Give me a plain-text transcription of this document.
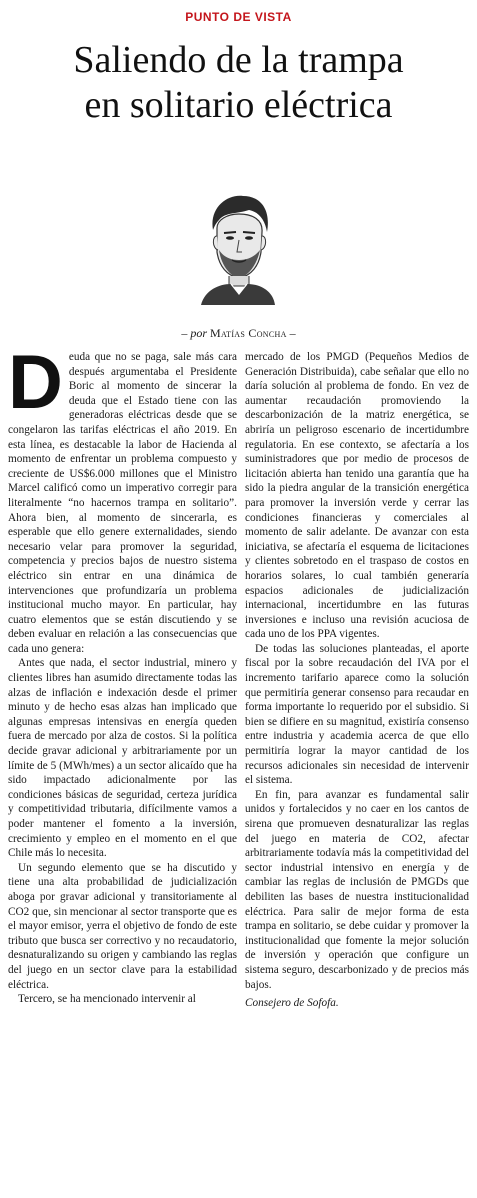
PUNTO DE VISTA
Saliendo de la trampa
en solitario eléctrica
– por Matías Concha –

Deuda que no se paga, sale más cara después argumentaba el Presidente Boric al momento de sincerar la deuda que el Estado tiene con las generadoras eléctricas desde que se congelaron las tarifas eléctricas el año 2019. En esta línea, es destacable la labor de Hacienda al momento de enfrentar un problema compuesto y creciente de US$6.000 millones que el Ministro Marcel calificó como un imperativo corregir para literalmente “no hacernos trampa en solitario”. Ahora bien, al momento de sincerarla, es esperable que ello genere externalidades, siendo necesario velar para promover la seguridad, competencia y precios bajos de nuestro sistema eléctrico sin entrar en una dinámica de intervenciones que profundizaría un problema institucional mucho mayor. En particular, hay cuatro elementos que se están discutiendo y se deben evaluar en relación a las consecuencias que cada uno genera:

Antes que nada, el sector industrial, minero y clientes libres han asumido directamente todas las alzas de inflación e indexación desde el primer minuto y de hecho esas alzas han implicado que algunas empresas intensivas en energía queden fuera de mercado por alza de costos. Si la política decide gravar adicional y arbitrariamente por un límite de 5 (MWh/mes) a un sector alicaído que ha sido impactado adicionalmente por las condiciones básicas de seguridad, certeza jurídica y competitividad tributaria, difícilmente vamos a poder mantener el fomento a la inversión, crecimiento y empleo en el momento en el que Chile más lo necesita.

Un segundo elemento que se ha discutido y tiene una alta probabilidad de judicialización aboga por gravar adicional y transitoriamente al CO2 que, sin mencionar al sector transporte que es el mayor emisor, yerra el objetivo de fondo de este tributo que busca ser correctivo y no recaudatorio, desnaturalizando su origen y cambiando las reglas del juego en un sector clave para la estabilidad eléctrica.

Tercero, se ha mencionado intervenir al

mercado de los PMGD (Pequeños Medios de Generación Distribuida), cabe señalar que ello no daría solución al problema de fondo. En vez de aumentar recaudación promoviendo la descarbonización de la matriz energética, se abriría un peligroso escenario de incertidumbre regulatoria. En ese contexto, se afectaría a los suministradores que por medio de procesos de licitación abierta han tenido una garantía que ha sido la piedra angular de la transición energética para promover la inversión verde y cerrar las condiciones financieras y comerciales al momento de salir adelante. De avanzar con esta iniciativa, se afectaría el esquema de licitaciones y clientes sobretodo en el traspaso de costos en horarios solares, lo cual también generaría espacios adicionales de judicialización internacional, incertidumbre en las futuras inversiones e incluso una revisión acuciosa de cada uno de los PPA vigentes.

De todas las soluciones planteadas, el aporte fiscal por la sobre recaudación del IVA por el incremento tarifario aparece como la solución que permitiría generar consenso para recaudar en forma importante lo requerido por el subsidio. Si bien se difiere en su magnitud, existiría consenso entre industria y academia acerca de que ello permitiría lograr la mayor cantidad de los recursos adicionales sin necesidad de intervenir el sistema.

En fin, para avanzar es fundamental salir unidos y fortalecidos y no caer en los cantos de sirena que promueven desnaturalizar las reglas del juego en materia de CO2, afectar arbitrariamente todavía más la competitividad del sector industrial intensivo en energía y de cambiar las reglas de inclusión de PMGDs que debiliten las bases de nuestra institucionalidad eléctrica. Para salir de mejor forma de esta trampa en solitario, se debe cuidar y promover la institucionalidad que fomente la mejor solución de inversión y operación que configure un sistema seguro, descarbonizado y de precios más bajos.

Consejero de Sofofa.
